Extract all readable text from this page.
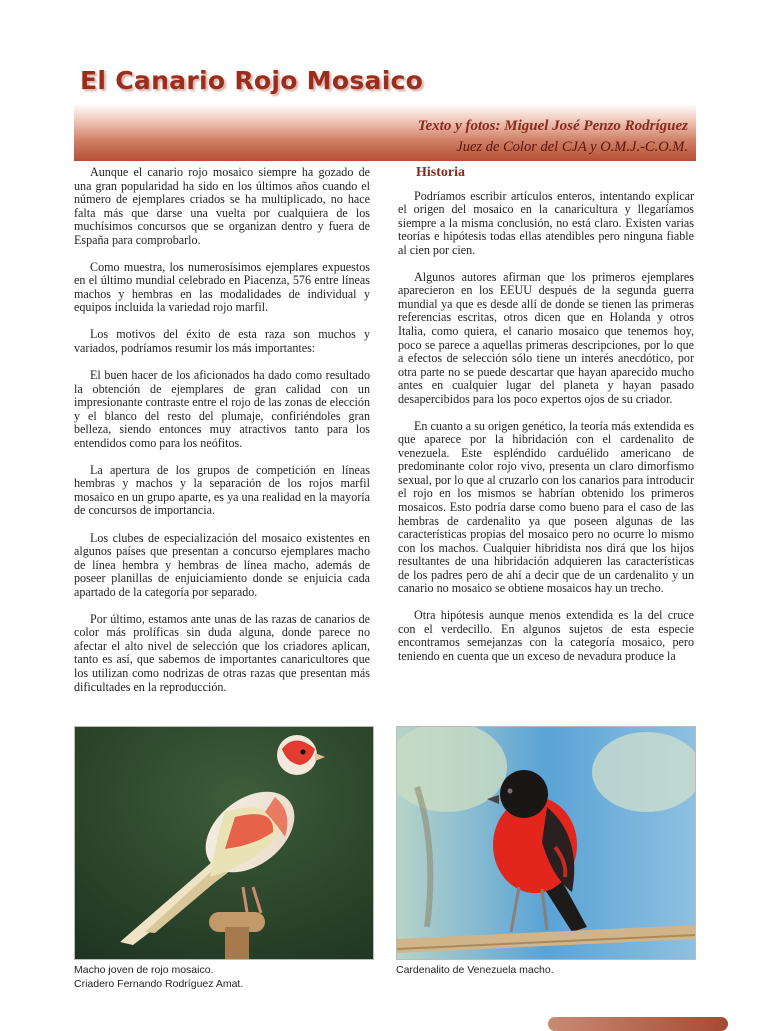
El Canario Rojo Mosaico
Texto y fotos: Miguel José Penzo Rodríguez
Juez de Color del CJA y O.M.J.-C.O.M.

Aunque el canario rojo mosaico siempre ha gozado de una gran popularidad ha sido en los últimos años cuando el número de ejemplares criados se ha multiplicado, no hace falta más que darse una vuelta por cualquiera de los muchísimos concursos que se organizan dentro y fuera de España para comprobarlo.

Como muestra, los numerosísimos ejemplares expuestos en el último mundial celebrado en Piacenza, 576 entre líneas machos y hembras en las modalidades de individual y equipos incluida la variedad rojo marfil.

Los motivos del éxito de esta raza son muchos y variados, podríamos resumir los más importantes:

El buen hacer de los aficionados ha dado como resultado la obtención de ejemplares de gran calidad con un impresionante contraste entre el rojo de las zonas de elección y el blanco del resto del plumaje, confiriéndoles gran belleza, siendo entonces muy atractivos tanto para los entendidos como para los neófitos.

La apertura de los grupos de competición en líneas hembras y machos y la separación de los rojos marfil mosaico en un grupo aparte, es ya una realidad en la mayoría de concursos de importancia.

Los clubes de especialización del mosaico existentes en algunos países que presentan a concurso ejemplares macho de línea hembra y hembras de línea macho, además de poseer planillas de enjuiciamiento donde se enjuicia cada apartado de la categoría por separado.

Por último, estamos ante unas de las razas de canarios de color más prolíficas sin duda alguna, donde parece no afectar el alto nivel de selección que los criadores aplican, tanto es así, que sabemos de importantes canaricultores que los utilizan como nodrizas de otras razas que presentan más dificultades en la reproducción.

Historia

Podríamos escribir artículos enteros, intentando explicar el origen del mosaico en la canaricultura y llegaríamos siempre a la misma conclusión, no está claro. Existen varias teorías e hipótesis todas ellas atendibles pero ninguna fiable al cien por cien.

Algunos autores afirman que los primeros ejemplares aparecieron en los EEUU después de la segunda guerra mundial ya que es desde allí de donde se tienen las primeras referencias escritas, otros dicen que en Holanda y otros Italia, como quiera, el canario mosaico que tenemos hoy, poco se parece a aquellas primeras descripciones, por lo que a efectos de selección sólo tiene un interés anecdótico, por otra parte no se puede descartar que hayan aparecido mucho antes en cualquier lugar del planeta y hayan pasado desapercibidos para los poco expertos ojos de su criador.

En cuanto a su origen genético, la teoría más extendida es que aparece por la hibridación con el cardenalito de venezuela. Este espléndido carduélido americano de predominante color rojo vivo, presenta un claro dimorfismo sexual, por lo que al cruzarlo con los canarios para introducir el rojo en los mismos se habrían obtenido los primeros mosaicos. Esto podría darse como bueno para el caso de las hembras de cardenalito ya que poseen algunas de las características propias del mosaico pero no ocurre lo mismo con los machos. Cualquier hibridista nos dirá que los hijos resultantes de una hibridación adquieren las características de los padres pero de ahí a decir que de un cardenalito y un canario no mosaico se obtiene mosaicos hay un trecho.

Otra hipótesis aunque menos extendida es la del cruce con el verdecillo. En algunos sujetos de esta especie encontramos semejanzas con la categoría mosaico, pero teniendo en cuenta que un exceso de nevadura produce la

Macho joven de rojo mosaico.
Criadero Fernando Rodríguez Amat.
Cardenalito de Venezuela macho.
